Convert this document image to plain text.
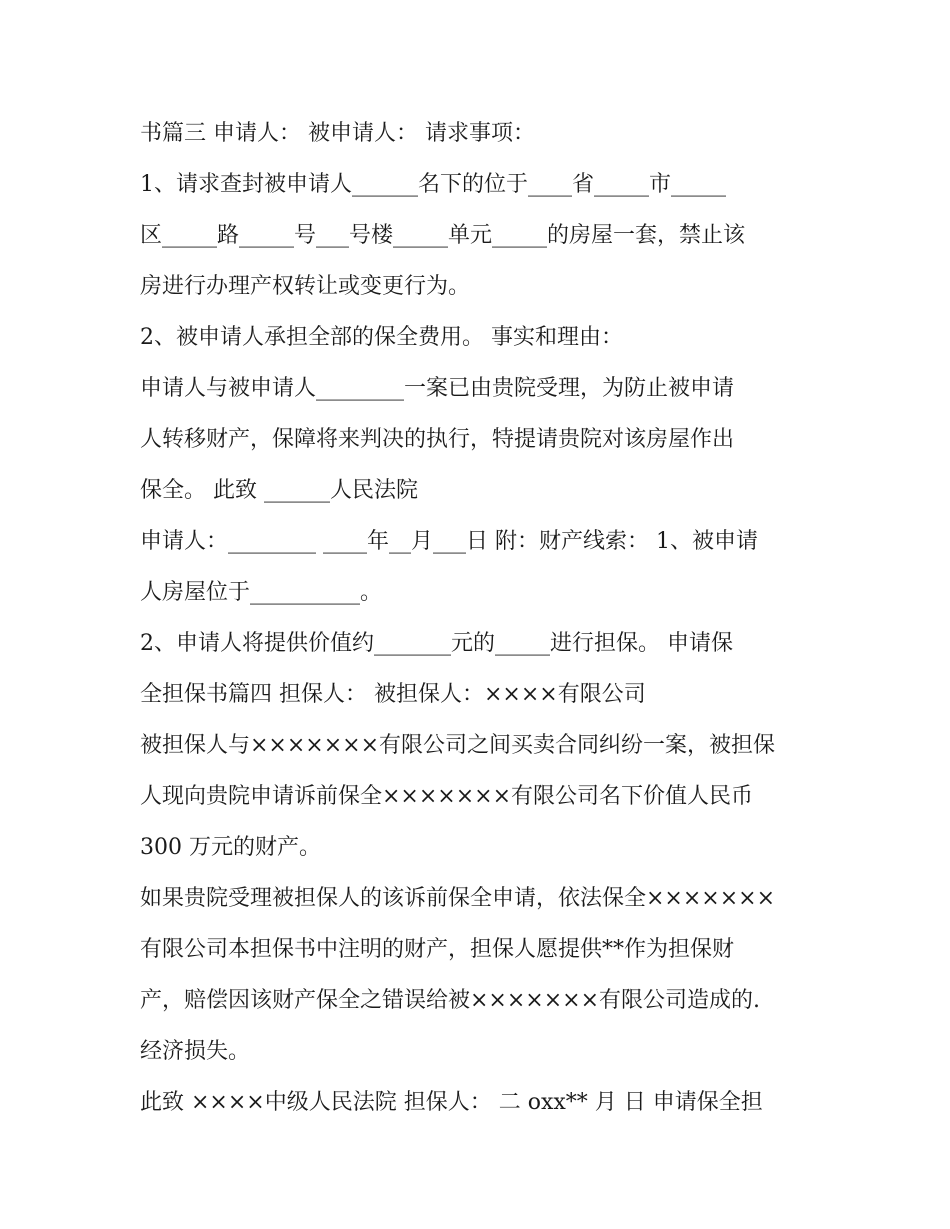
书篇三 申请人： 被申请人： 请求事项：
1、请求查封被申请人______名下的位于____省_____市_____
区_____路_____号___号楼_____单元_____的房屋一套，禁止该
房进行办理产权转让或变更行为。
2、被申请人承担全部的保全费用。 事实和理由：
申请人与被申请人________一案已由贵院受理，为防止被申请
人转移财产，保障将来判决的执行，特提请贵院对该房屋作出
保全。 此致 ______人民法院
申请人：________ ____年__月___日 附：财产线索： 1、被申请
人房屋位于__________。
2、申请人将提供价值约_______元的_____进行担保。 申请保
全担保书篇四 担保人： 被担保人：××××有限公司
被担保人与×××××××有限公司之间买卖合同纠纷一案，被担保
人现向贵院申请诉前保全×××××××有限公司名下价值人民币
300 万元的财产。
如果贵院受理被担保人的该诉前保全申请，依法保全×××××××
有限公司本担保书中注明的财产，担保人愿提供**作为担保财
产，赔偿因该财产保全之错误给被×××××××有限公司造成的.
经济损失。
此致 ××××中级人民法院 担保人： 二 oxx** 月 日 申请保全担
